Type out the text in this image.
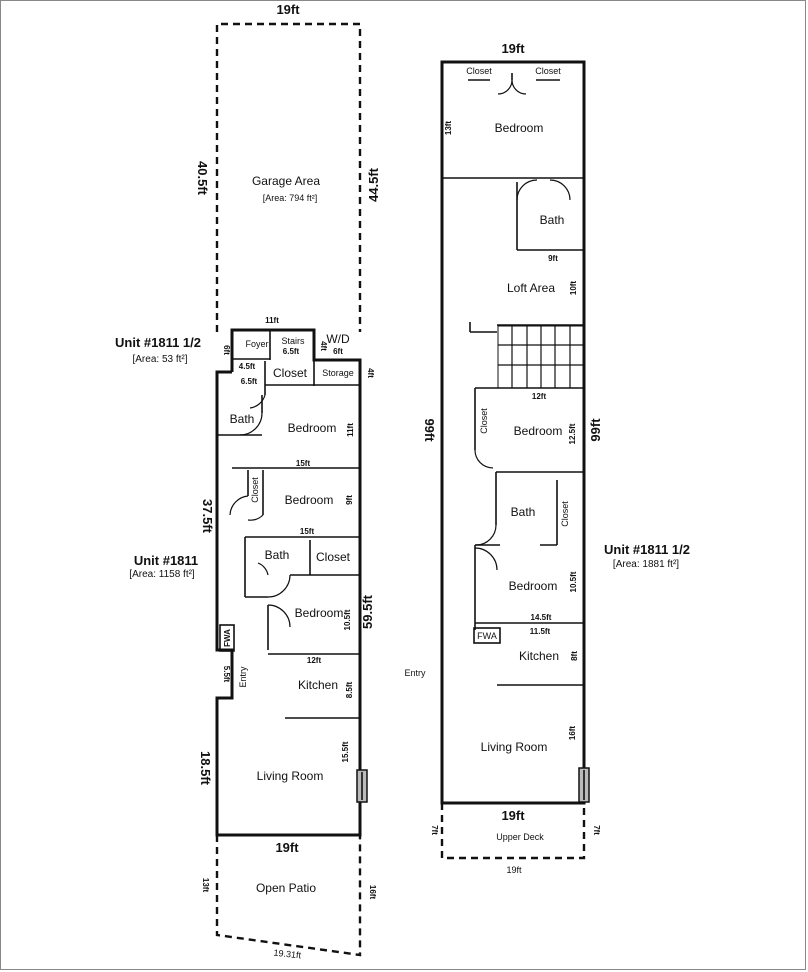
19ft
Garage Area
[Area: 794 ft²]
40.5ft	44.5ft
11ft
Foyer Stairs
6.5ft
W/D
6ft
Storage 4ft
4.5ft
6ft	4ft
Unit #1811 1/2
[Area: 53 ft²]
Unit #1811
[Area: 1158 ft²]
6.5ft
Closet
Bath
Bedroom 11ft
15ft
Closet Bedroom 9ft
15ft
37.5ft
Bath Closet
Bedroom 10.5ft 59.5ft
FWA
5.5ft Entry
12ft
Kitchen 8.5ft
18.5ft	Living Room
15.5ft
19ft
Open Patio
13ft	16ft
19.31ft
19ft
Closet	Closet
Bedroom
13ft
Bath
9ft
Loft Area 10ft
99ft	99ft
12ft
Closet Bedroom 12.5ft
Bath	Closet
Bedroom 10.5ft
14.5ft
FWA	11.5ft
Kitchen 8ft
Entry
Living Room
16ft
Unit #1811 1/2
[Area: 1881 ft²]
19ft
Upper Deck
7ft	7ft
19ft
